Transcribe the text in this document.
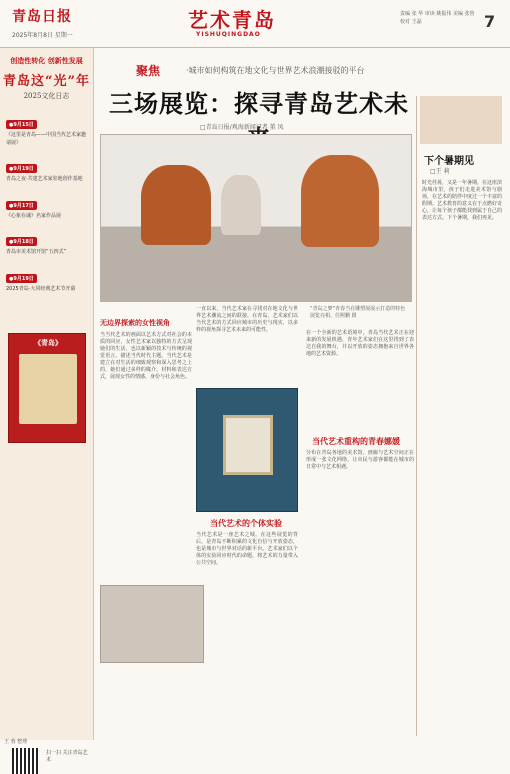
青岛日报
2025年8月8日 星期一
艺术青岛
YISHUQINGDAO
责编 张 华 审读 姚振伟 美编 张鲁 校对 王磊	7
创造性转化 创新性发展
青岛这“光”年
2025文化日志
●9月15日
《这里是青岛——中国当代艺术家邀请展》
●9月19日
青岛之夜·共建艺术家驻地创作基地
●9月17日
《心象在魂》名家作品展
●9月18日
青岛市美术馆开馆“五四式”
●9月19日
2025青岛·大同经典艺术节开幕
《青岛》
王 蓉 整理
扫一扫 关注青岛艺术
聚焦	·城市如何构筑在地文化与世界艺术浪潮接驳的平台
三场展览：探寻青岛艺术未
□青岛日报/观海新闻记者 董 凤
无边界探索的女性视角
当当代艺术的画面以艺术方式对社会的本质的回应，女性艺术家以独特的方式呈现她们的生活，也以新颖的技术与传统的视觉语言，描述当代时代主题。当代艺术是建立在对生活的细致观察和深入思考之上的，她们通过多样的媒介、材料和表达方式，展现女性的情感、身份与社会角色。
一直以来，当代艺术家在寻找对在地文化与世界艺术潮流之间的联接。在青岛，艺术家们以当代艺术的方式回应城市的历史与现实，以多样的视角探寻艺术未来的可能性。
“青岛之梦”青春当在雕塑展展示打造的特色展览亮相。任熙鹏 摄
当代艺术的个体实验
当代艺术是一座艺术之城。在这些展览的背后，是青岛不断积累的文化自信与开放姿态，也是城市与世界对话的新平台。艺术家们以个体的实验回应时代的命题，将艺术的力量带入公共空间。
在一个全新的艺术语境中，青岛当代艺术正在迎来新的发展机遇，青年艺术家们在这里找到了表达自我的舞台，并以开放的姿态拥抱来自世界各地的艺术资源。
当代艺术重构的青春娜媛
分布在青岛各地的美术馆、画廊与艺术空间正在形成一张文化网络，让市民与游客都能在城市的日常中与艺术相遇。
下个暑期见
□王 莉
时光荏苒，又是一年暑期。在这座滨海城市里，孩子们走进美术馆与剧场，在艺术的陪伴中度过一个丰富的假期。艺术教育的意义在于点燃好奇心，让每个孩子都能找到属于自己的表达方式。下个暑期，我们再见。
